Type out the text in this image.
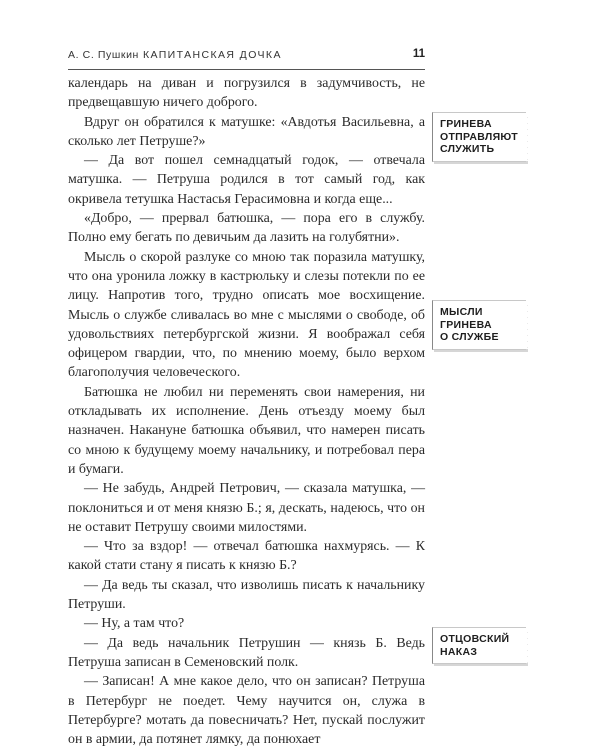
А. С. Пушкин КАПИТАНСКАЯ ДОЧКА	11

календарь на диван и погрузился в задумчивость, не предвещавшую ничего доброго.

Вдруг он обратился к матушке: «Авдотья Васильевна, а сколько лет Петруше?»

— Да вот пошел семнадцатый годок, — отвечала матушка. — Петруша родился в тот самый год, как окривела тетушка Настасья Герасимовна и когда еще...

«Добро, — прервал батюшка, — пора его в службу. Полно ему бегать по девичьим да лазить на голубятни».

Мысль о скорой разлуке со мною так поразила матушку, что она уронила ложку в кастрюльку и слезы потекли по ее лицу. Напротив того, трудно описать мое восхищение. Мысль о службе сливалась во мне с мыслями о свободе, об удовольствиях петербургской жизни. Я воображал себя офицером гвардии, что, по мнению моему, было верхом благополучия человеческого.

Батюшка не любил ни переменять свои намерения, ни откладывать их исполнение. День отъезду моему был назначен. Накануне батюшка объявил, что намерен писать со мною к будущему моему начальнику, и потребовал пера и бумаги.

— Не забудь, Андрей Петрович, — сказала матушка, — поклониться и от меня князю Б.; я, дескать, надеюсь, что он не оставит Петрушу своими милостями.

— Что за вздор! — отвечал батюшка нахмурясь. — К какой стати стану я писать к князю Б.?

— Да ведь ты сказал, что изволишь писать к начальнику Петруши.

— Ну, а там что?

— Да ведь начальник Петрушин — князь Б. Ведь Петруша записан в Семеновский полк.

— Записан! А мне какое дело, что он записан? Петруша в Петербург не поедет. Чему научится он, служа в Петербурге? мотать да повесничать? Нет, пускай послужит он в армии, да потянет лямку, да понюхает

ГРИНЕВА
ОТПРАВЛЯЮТ
СЛУЖИТЬ
МЫСЛИ
ГРИНЕВА
О СЛУЖБЕ
ОТЦОВСКИЙ
НАКАЗ
